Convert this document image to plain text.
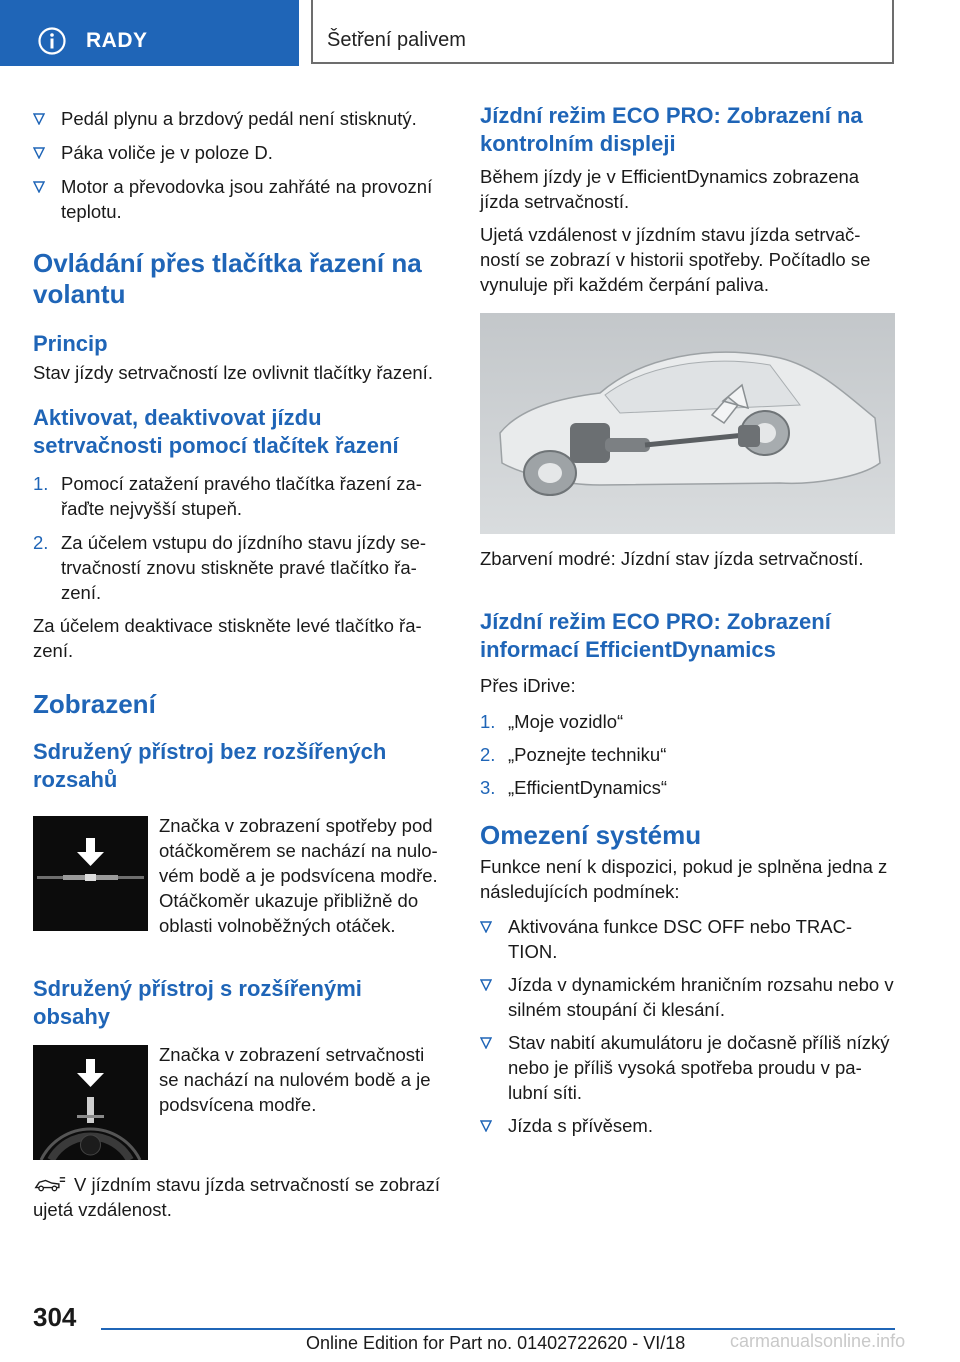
RADY	Šetření palivem
Pedál plynu a brzdový pedál není stisknutý.
Páka voliče je v poloze D.
Motor a převodovka jsou zahřáté na provozní teplotu.

Ovládání přes tlačítka řazení na volantu

Princip

Stav jízdy setrvačností lze ovlivnit tlačítky řazení.

Aktivovat, deaktivovat jízdu setrvačnosti pomocí tlačítek řazení

1. Pomocí zatažení pravého tlačítka řazení za-řaďte nejvyšší stupeň.
2. Za účelem vstupu do jízdního stavu jízdy se-trvačností znovu stiskněte pravé tlačítko řa-zení.

Za účelem deaktivace stiskněte levé tlačítko řa-zení.

Zobrazení

Sdružený přístroj bez rozšířených rozsahů

Značka v zobrazení spotřeby pod otáčkoměrem se nachází na nulo-vém bodě a je podsvícena modře. Otáčkoměr ukazuje přibližně do oblasti volnoběžných otáček.

Sdružený přístroj s rozšířenými obsahy

Značka v zobrazení setrvačnosti se nachází na nulovém bodě a je podsvícena modře.

V jízdním stavu jízda setrvačností se zobrazí ujetá vzdálenost.

Jízdní režim ECO PRO: Zobrazení na kontrolním displeji

Během jízdy je v EfficientDynamics zobrazena jízda setrvačností.

Ujetá vzdálenost v jízdním stavu jízda setrvač-ností se zobrazí v historii spotřeby. Počítadlo se vynuluje při každém čerpání paliva.

Zbarvení modré: Jízdní stav jízda setrvačností.

Jízdní režim ECO PRO: Zobrazení informací EfficientDynamics

Přes iDrive:

1. „Moje vozidlo“
2. „Poznejte techniku“
3. „EfficientDynamics“

Omezení systému

Funkce není k dispozici, pokud je splněna jedna z následujících podmínek:

Aktivována funkce DSC OFF nebo TRAC-TION.
Jízda v dynamickém hraničním rozsahu nebo v silném stoupání či klesání.
Stav nabití akumulátoru je dočasně příliš nízký nebo je příliš vysoká spotřeba proudu v pa-lubní síti.
Jízda s přívěsem.
304
Online Edition for Part no. 01402722620 - VI/18 carmanualsonline.info
